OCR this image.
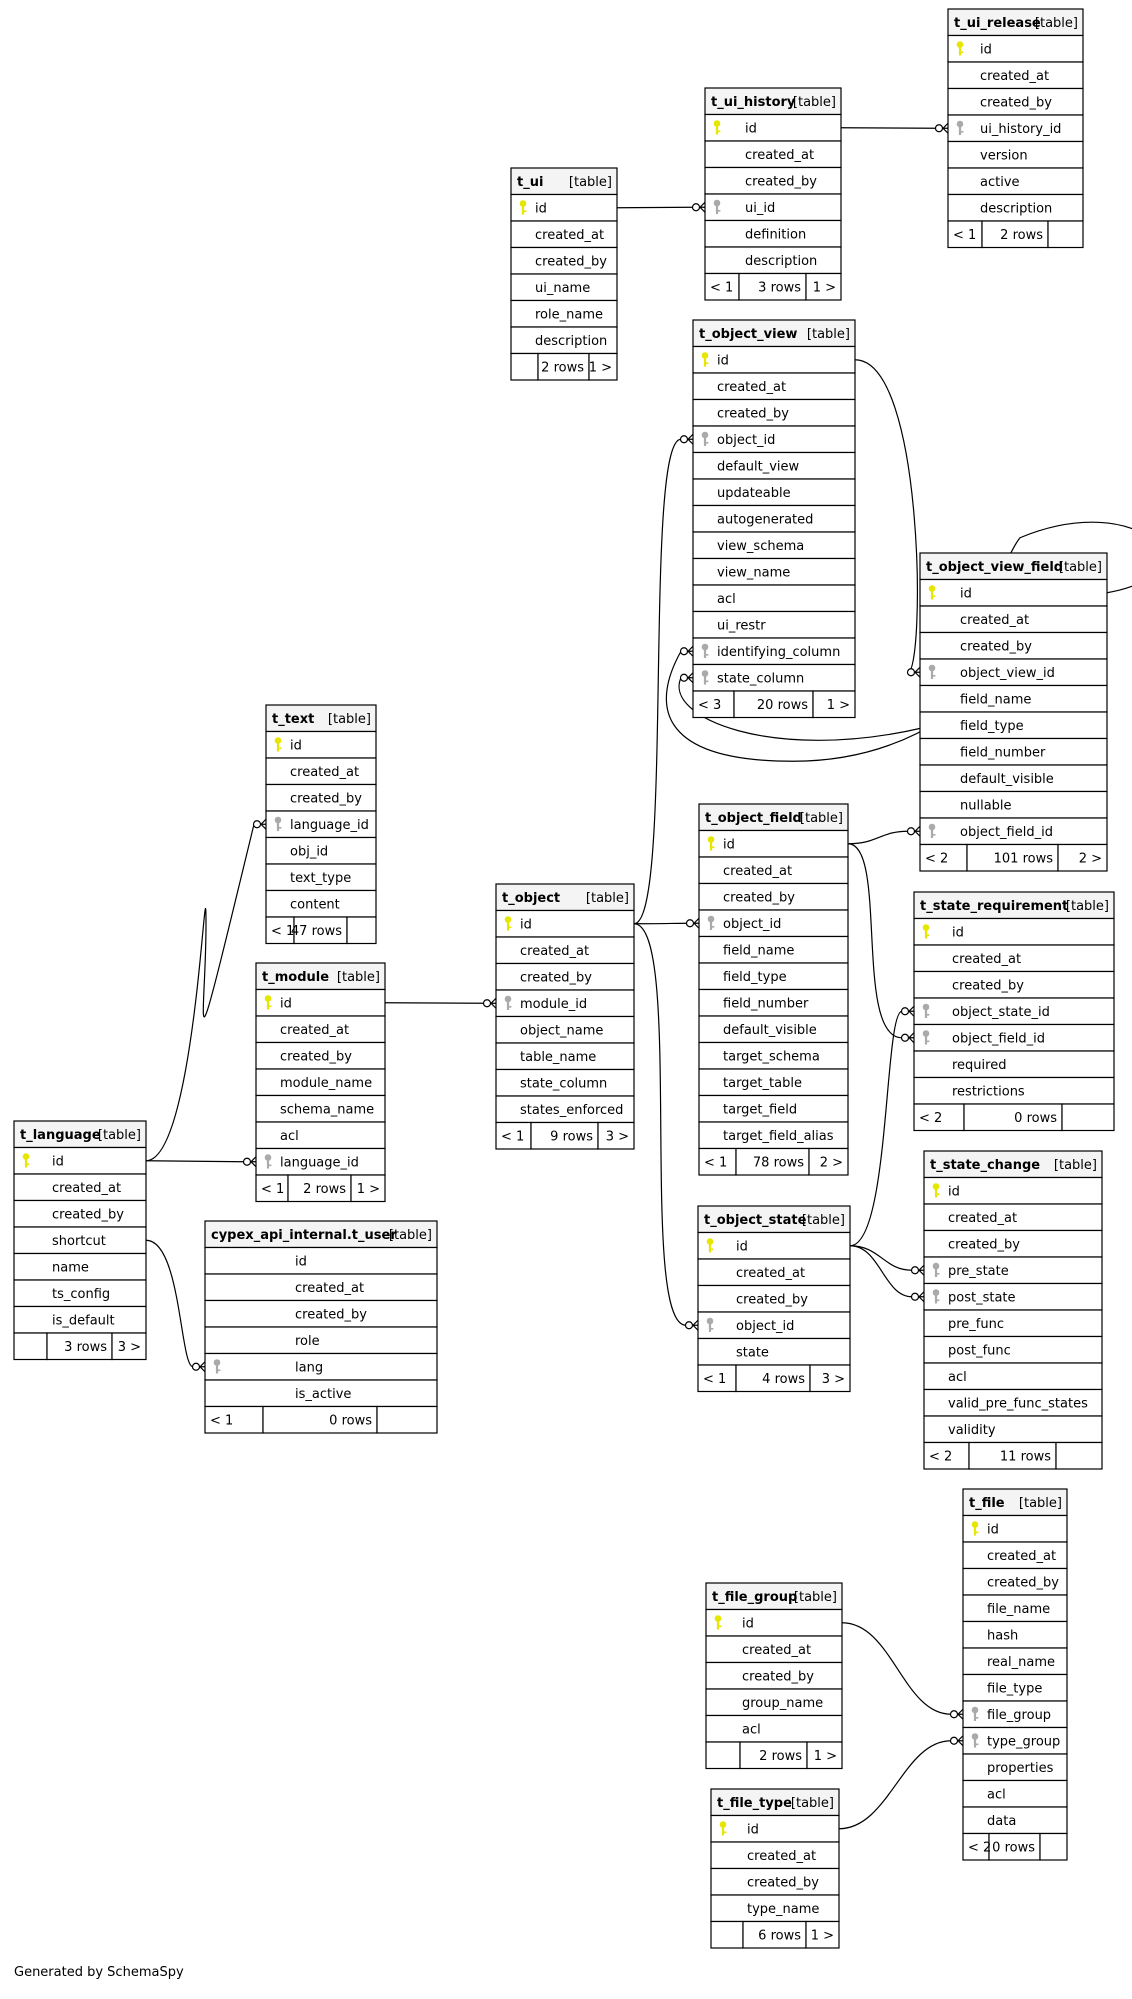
t_ui_release
[table]
id
created_at
created_by
ui_history_id
version
active
description
< 1 2 rows
t_ui_history
[table]
id
created_at
created_by
ui_id
definition
description
< 1 3 rows 1 >
t_ui [table]
id
created_at
created_by
ui_name
role_name
description
2 rows 1 >
t_object_view [table]
id
created_at
created_by
object_id
default_view
updateable
autogenerated
view_schema
view_name
acl
ui_restr
identifying_column
state_column
< 3	20 rows 1 >
t_object_view_field
[table]
id
created_at
created_by
object_view_id
field_name
field_type
field_number
default_visible
nullable
object_field_id
< 2	101 rows 2 >
t_text [table]
id
created_at
created_by
language_id
obj_id
text_type
content
< 1
47 rows
t_object_field
[table]
id
created_at
created_by
object_id
field_name
field_type
field_number
default_visible
target_schema
target_table
target_field
target_field_alias
< 1 78 rows 2 >
t_object [table]
id
created_at
created_by
module_id
object_name
table_name
state_column
states_enforced
< 1 9 rows 3 >
t_state_requirement
[table]
id
created_at
created_by
object_state_id
object_field_id
required
restrictions
< 2	0 rows
t_module [table]
id
created_at
created_by
module_name
schema_name
acl
language_id
< 1 2 rows 1 >
t_language
[table]
id
created_at
created_by
shortcut
name
ts_config
is_default
3 rows 3 >
t_state_change [table]
id
created_at
created_by
pre_state
post_state
pre_func
post_func
acl
valid_pre_func_states
validity
< 2	11 rows
t_object_state
[table]
id
created_at
created_by
object_id
state
< 1	4 rows 3 >
cypex_api_internal.t_user
[table]
id
created_at
created_by
role
lang
is_active
< 1	0 rows
t_file [table]
id
created_at
created_by
file_name
hash
real_name
file_type
file_group
type_group
properties
acl
data
< 2 0 rows
t_file_group
[table]
id
created_at
created_by
group_name
acl
2 rows 1 >
t_file_type
[table]
id
created_at
created_by
type_name
6 rows 1 >
Generated by SchemaSpy
